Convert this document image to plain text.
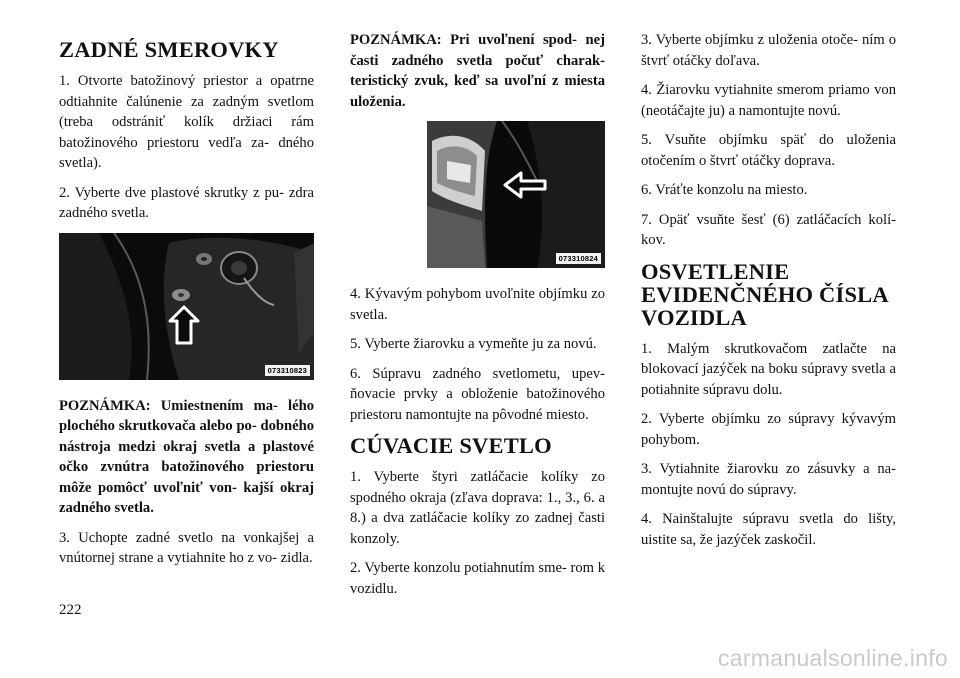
ZADNÉ SMEROVKY

1. Otvorte batožinový priestor a opatrne odtiahnite čalúnenie za zadným svetlom (treba odstrániť kolík držiaci rám batožinového priestoru vedľa za- dného svetla).

2. Vyberte dve plastové skrutky z pu- zdra zadného svetla.

073310823

POZNÁMKA: Umiestnením ma- lého plochého skrutkovača alebo po- dobného nástroja medzi okraj svetla a plastové očko zvnútra batožinového priestoru môže pomôcť uvoľniť von- kajší okraj zadného svetla.

3. Uchopte zadné svetlo na vonkajšej a vnútornej strane a vytiahnite ho z vo- zidla.

POZNÁMKA: Pri uvoľnení spod- nej časti zadného svetla počuť charak- teristický zvuk, keď sa uvoľní z miesta uloženia.

073310824

4. Kývavým pohybom uvoľnite objímku zo svetla.

5. Vyberte žiarovku a vymeňte ju za novú.

6. Súpravu zadného svetlometu, upev- ňovacie prvky a obloženie batožinového priestoru namontujte na pôvodné miesto.

CÚVACIE SVETLO

1. Vyberte štyri zatláčacie kolíky zo spodného okraja (zľava doprava: 1., 3., 6. a 8.) a dva zatláčacie kolíky zo zadnej časti konzoly.

2. Vyberte konzolu potiahnutím sme- rom k vozidlu.

3. Vyberte objímku z uloženia otoče- ním o štvrť otáčky doľava.

4. Žiarovku vytiahnite smerom priamo von (neotáčajte ju) a namontujte novú.

5. Vsuňte objímku späť do uloženia otočením o štvrť otáčky doprava.

6. Vráťte konzolu na miesto.

7. Opäť vsuňte šesť (6) zatláčacích kolí- kov.

OSVETLENIE EVIDENČNÉHO ČÍSLA VOZIDLA

1. Malým skrutkovačom zatlačte na blokovací jazýček na boku súpravy svetla a potiahnite súpravu dolu.

2. Vyberte objímku zo súpravy kývavým pohybom.

3. Vytiahnite žiarovku zo zásuvky a na- montujte novú do súpravy.

4. Nainštalujte súpravu svetla do lišty, uistite sa, že jazýček zaskočil.

222
carmanualsonline.info
